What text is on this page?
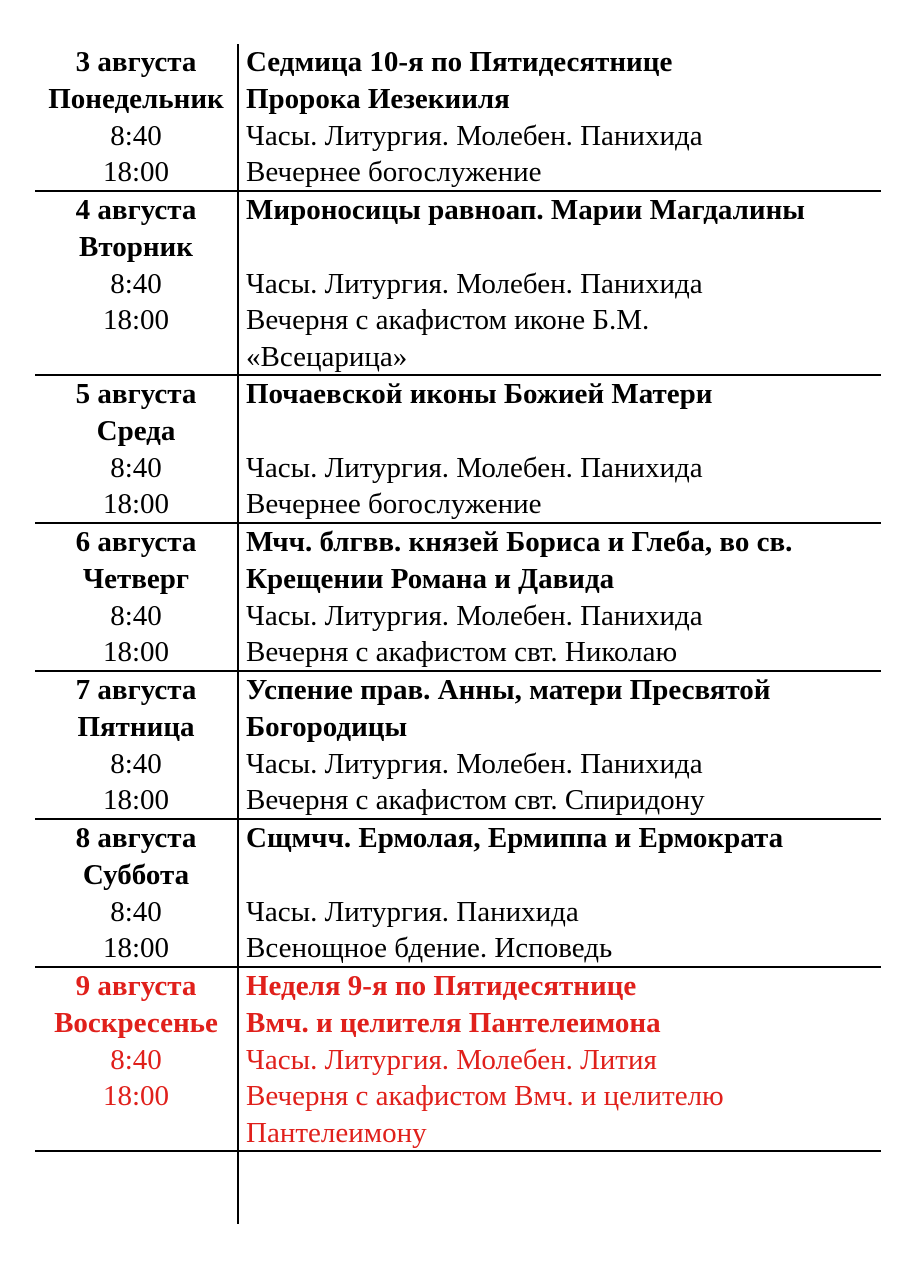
3 августа
Понедельник
8:40
18:00
Седмица 10-я по Пятидесятнице
Пророка Иезекииля
Часы. Литургия. Молебен. Панихида
Вечернее богослужение
4 августа
Вторник
8:40
18:00
Мироносицы равноап. Марии Магдалины
Часы. Литургия. Молебен. Панихида
Вечерня с акафистом иконе Б.М.
«Всецарица»
5 августа
Среда
8:40
18:00
Почаевской иконы Божией Матери
Часы. Литургия. Молебен. Панихида
Вечернее богослужение
6 августа
Четверг
8:40
18:00
Мчч. блгвв. князей Бориса и Глеба, во св.
Крещении Романа и Давида
Часы. Литургия. Молебен. Панихида
Вечерня с акафистом свт. Николаю
7 августа
Пятница
8:40
18:00
Успение прав. Анны, матери Пресвятой
Богородицы
Часы. Литургия. Молебен. Панихида
Вечерня с акафистом свт. Спиридону
8 августа
Суббота
8:40
18:00
Сщмчч. Ермолая, Ермиппа и Ермократа
Часы. Литургия. Панихида
Всенощное бдение. Исповедь
9 августа
Воскресенье
8:40
18:00
Неделя 9-я по Пятидесятнице
Вмч. и целителя Пантелеимона
Часы. Литургия. Молебен. Лития
Вечерня с акафистом Вмч. и целителю
Пантелеимону
